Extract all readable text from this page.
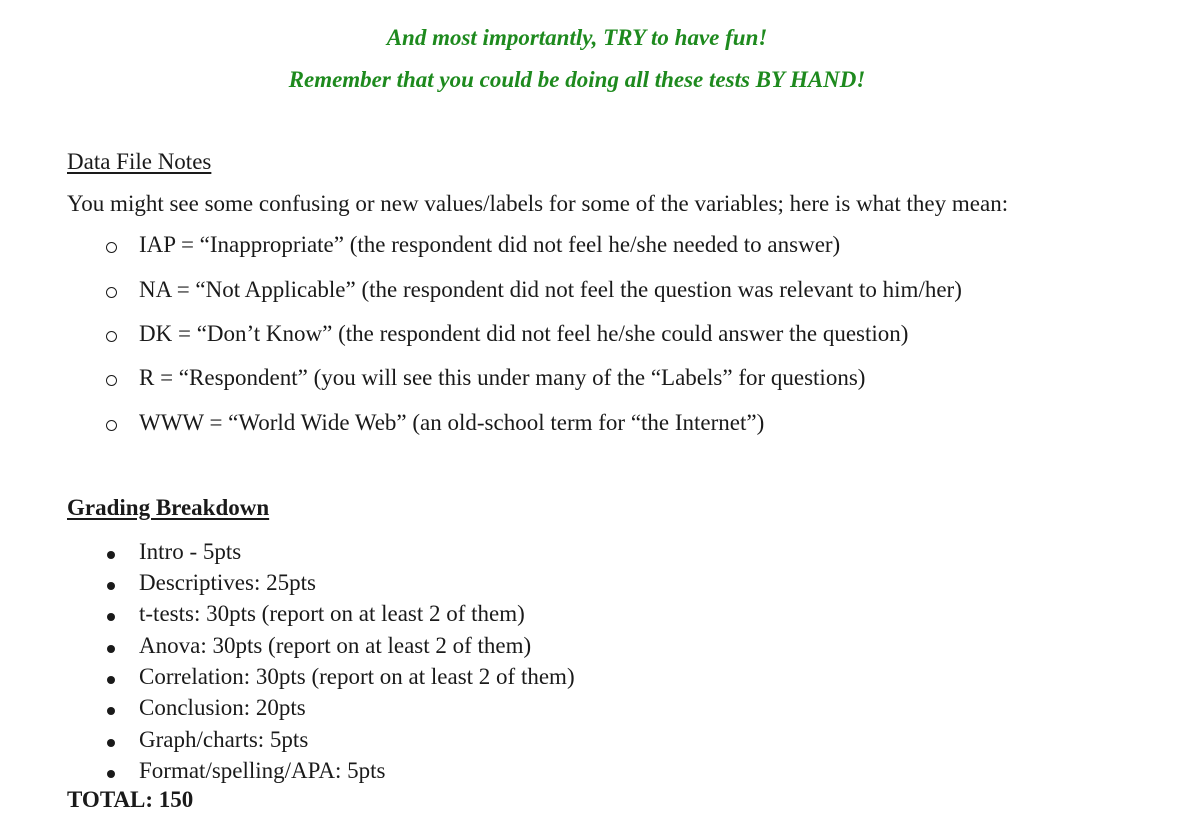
And most importantly, TRY to have fun!
Remember that you could be doing all these tests BY HAND!
Data File Notes
You might see some confusing or new values/labels for some of the variables; here is what they mean:
IAP = “Inappropriate” (the respondent did not feel he/she needed to answer)
NA = “Not Applicable” (the respondent did not feel the question was relevant to him/her)
DK = “Don’t Know” (the respondent did not feel he/she could answer the question)
R = “Respondent” (you will see this under many of the “Labels” for questions)
WWW = “World Wide Web” (an old-school term for “the Internet”)
Grading Breakdown
Intro - 5pts
Descriptives: 25pts
t-tests: 30pts (report on at least 2 of them)
Anova: 30pts (report on at least 2 of them)
Correlation: 30pts (report on at least 2 of them)
Conclusion: 20pts
Graph/charts: 5pts
Format/spelling/APA: 5pts
TOTAL: 150
